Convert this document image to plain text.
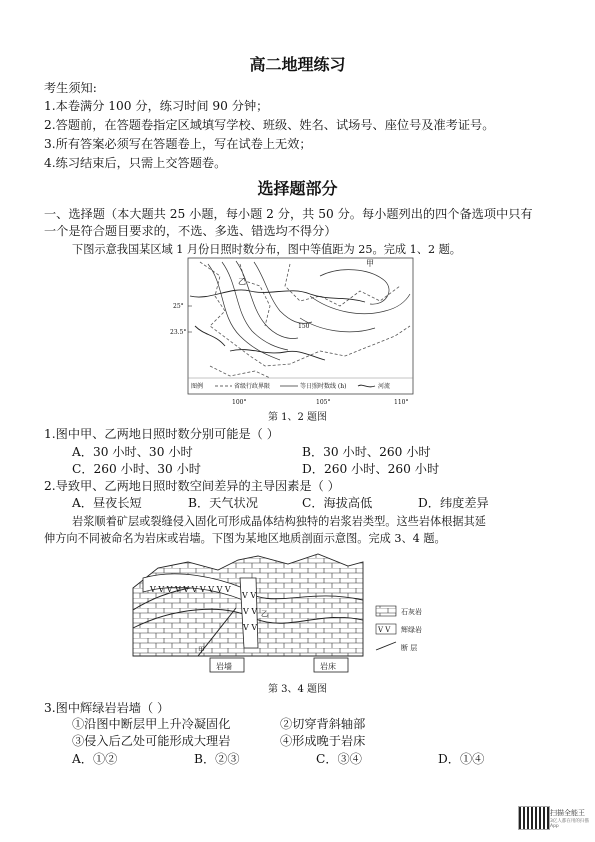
高二地理练习
考生须知:
1.本卷满分 100 分，练习时间 90 分钟；
2.答题前，在答题卷指定区域填写学校、班级、姓名、试场号、座位号及准考证号。
3.所有答案必须写在答题卷上，写在试卷上无效；
4.练习结束后，只需上交答题卷。
选择题部分
一、选择题（本大题共 25 小题，每小题 2 分，共 50 分。每小题列出的四个备选项中只有
一个是符合题目要求的，不选、多选、错选均不得分）
下图示意我国某区域 1 月份日照时数分布，图中等值距为 25。完成 1、2 题。
甲
乙
150
25°
23.5°
100°	105°	110°
图例	省级行政界限	等日照时数线 (h)	河流
第 1、2 题图
1.图中甲、乙两地日照时数分别可能是（ ）
A．30 小时、30 小时	B．30 小时、260 小时
C．260 小时、30 小时	D．260 小时、260 小时
2.导致甲、乙两地日照时数空间差异的主导因素是（ ）
A．昼夜长短	B．天气状况	C．海拔高低	D．纬度差异
岩浆顺着矿层或裂缝侵入固化可形成晶体结构独特的岩浆岩类型。这些岩体根据其延
伸方向不同被命名为岩床或岩墙。下图为某地区地质剖面示意图。完成 3、4 题。
V V V V V V V V V V
V V
V V
V V
甲
乙
岩墙	岩床
石灰岩
V V 辉绿岩
断 层
第 3、4 题图
3.图中辉绿岩岩墙（ ）
①沿图中断层甲上升冷凝固化	②切穿背斜轴部
③侵入后乙处可能形成大理岩	④形成晚于岩床
A．①②	B．②③	C．③④	D．①④
扫描全能王
3亿人都在用的扫描App
